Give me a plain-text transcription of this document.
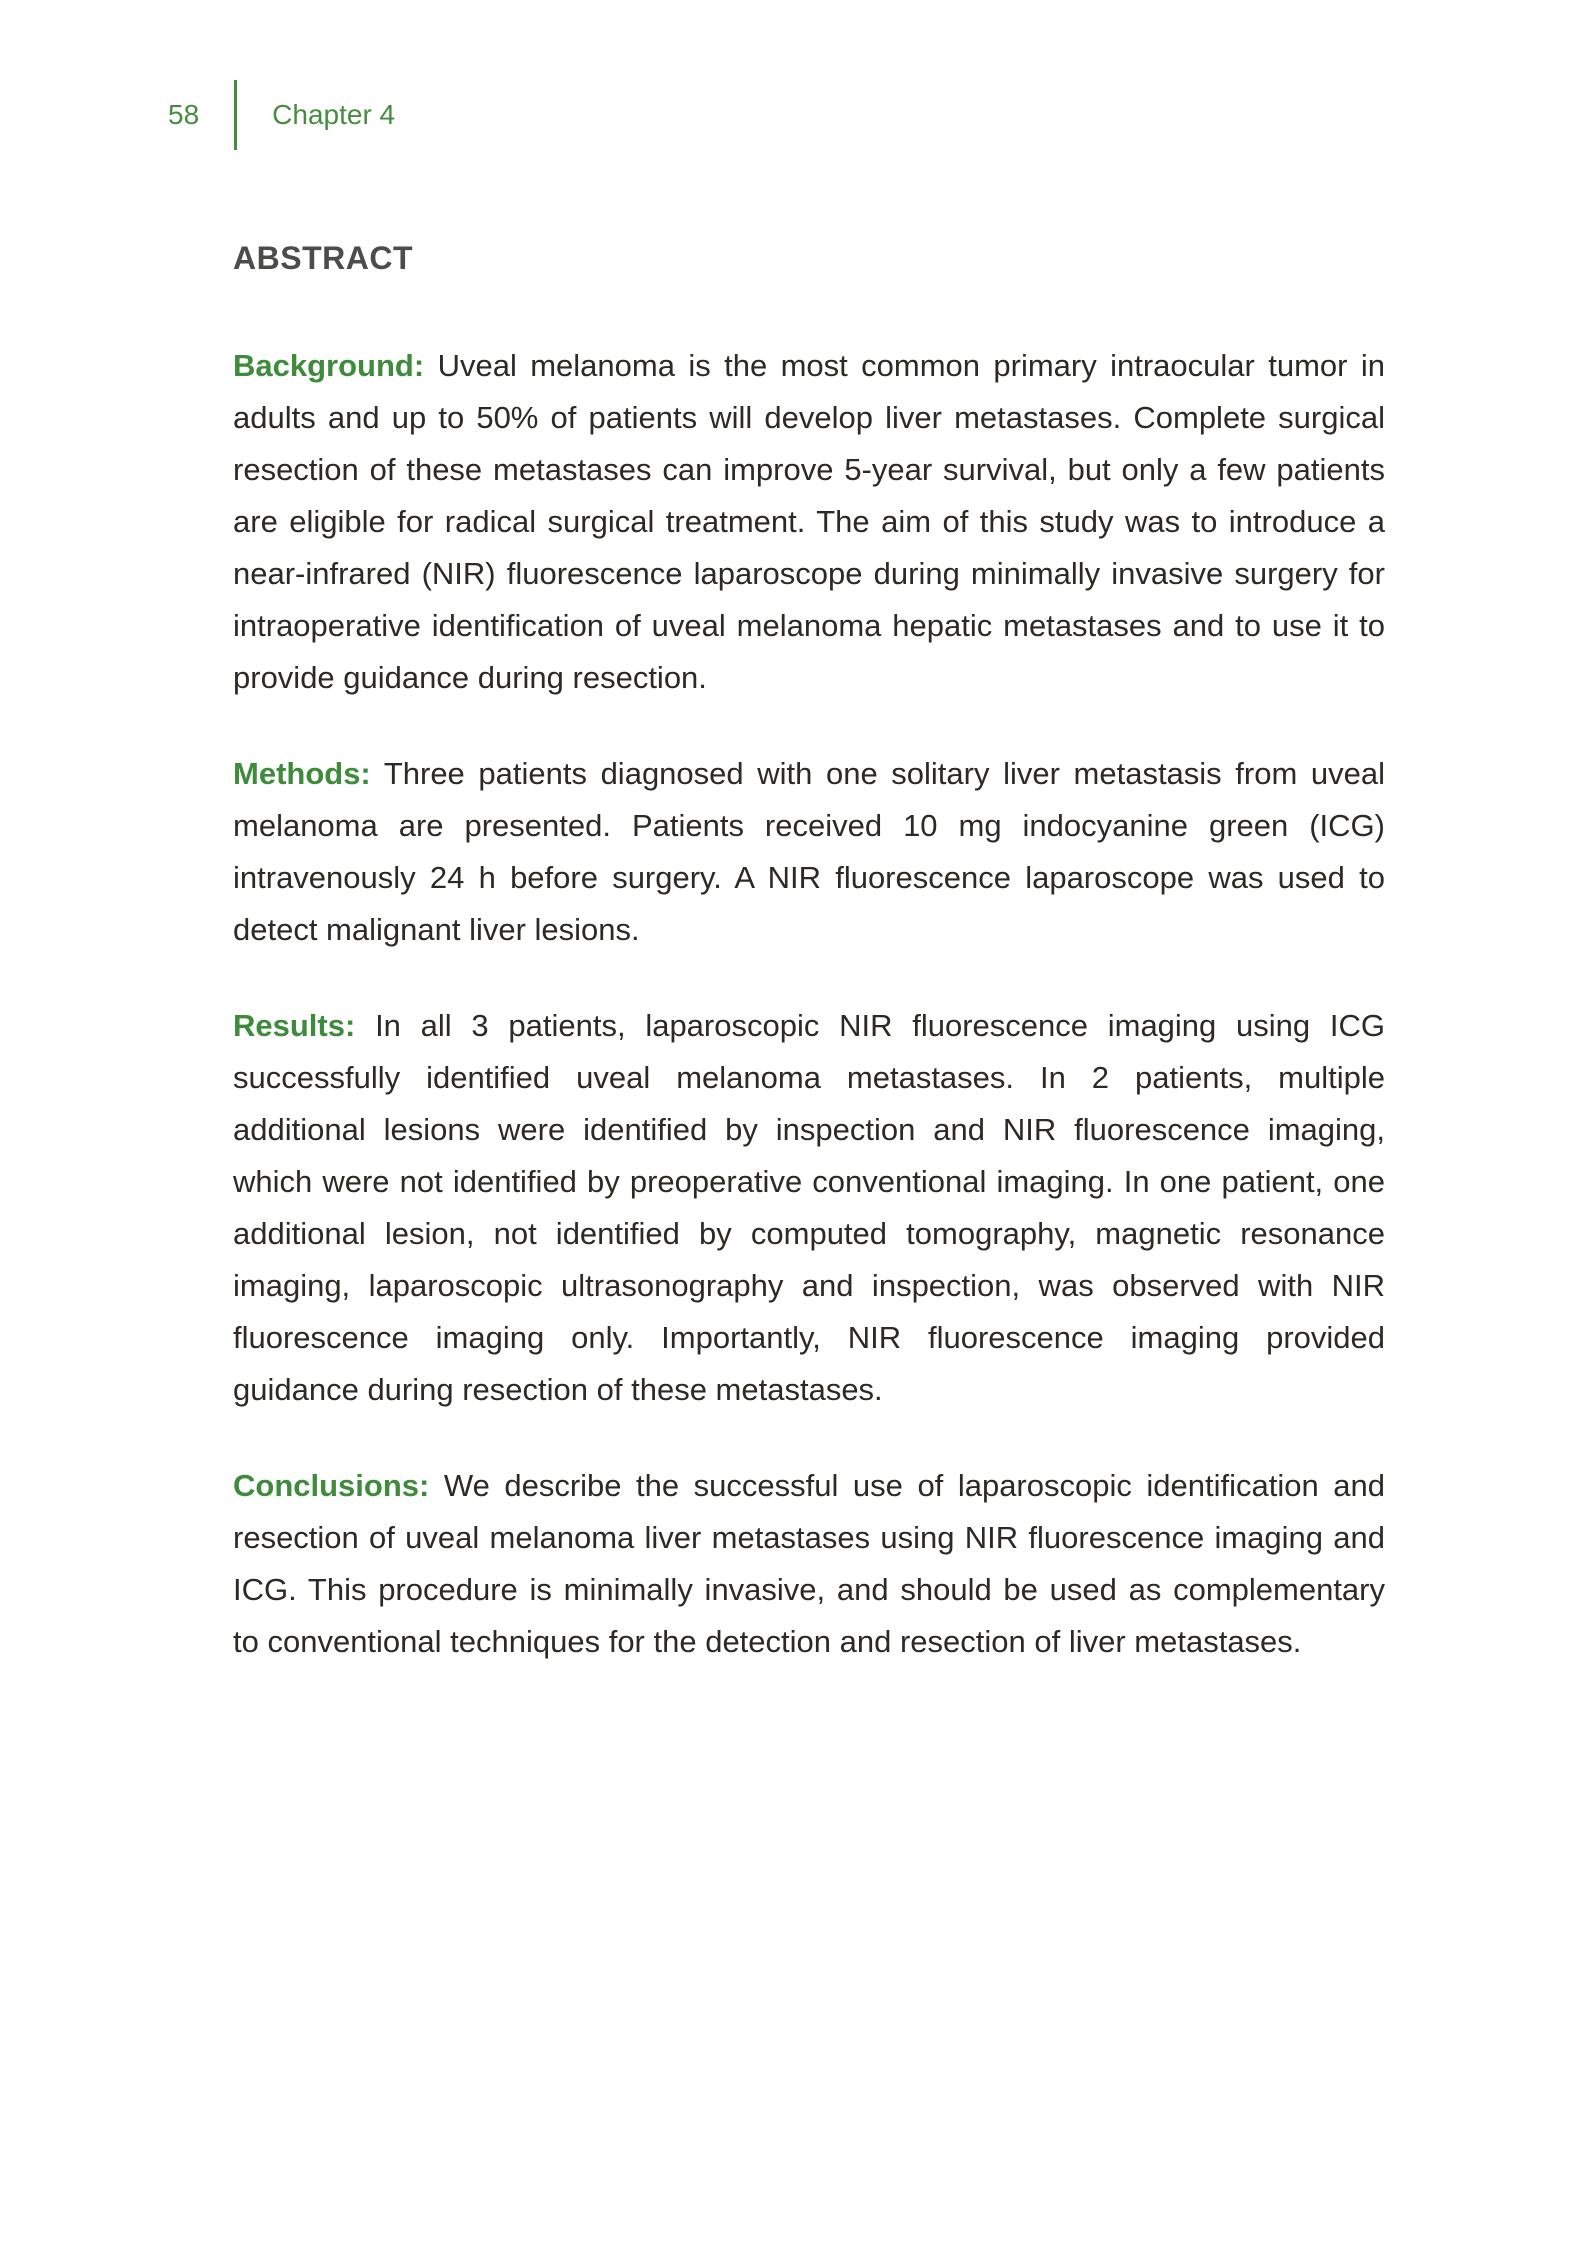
58	Chapter 4
ABSTRACT

Background: Uveal melanoma is the most common primary intraocular tumor in adults and up to 50% of patients will develop liver metastases. Complete surgical resection of these metastases can improve 5-year survival, but only a few patients are eligible for radical surgical treatment. The aim of this study was to introduce a near-infrared (NIR) fluorescence laparoscope during minimally invasive surgery for intraoperative identification of uveal melanoma hepatic metastases and to use it to provide guidance during resection.

Methods: Three patients diagnosed with one solitary liver metastasis from uveal melanoma are presented. Patients received 10 mg indocyanine green (ICG) intravenously 24 h before surgery. A NIR fluorescence laparoscope was used to detect malignant liver lesions.

Results: In all 3 patients, laparoscopic NIR fluorescence imaging using ICG successfully identified uveal melanoma metastases. In 2 patients, multiple additional lesions were identified by inspection and NIR fluorescence imaging, which were not identified by preoperative conventional imaging. In one patient, one additional lesion, not identified by computed tomography, magnetic resonance imaging, laparoscopic ultrasonography and inspection, was observed with NIR fluorescence imaging only. Importantly, NIR fluorescence imaging provided guidance during resection of these metastases.

Conclusions: We describe the successful use of laparoscopic identification and resection of uveal melanoma liver metastases using NIR fluorescence imaging and ICG. This procedure is minimally invasive, and should be used as complementary to conventional techniques for the detection and resection of liver metastases.
